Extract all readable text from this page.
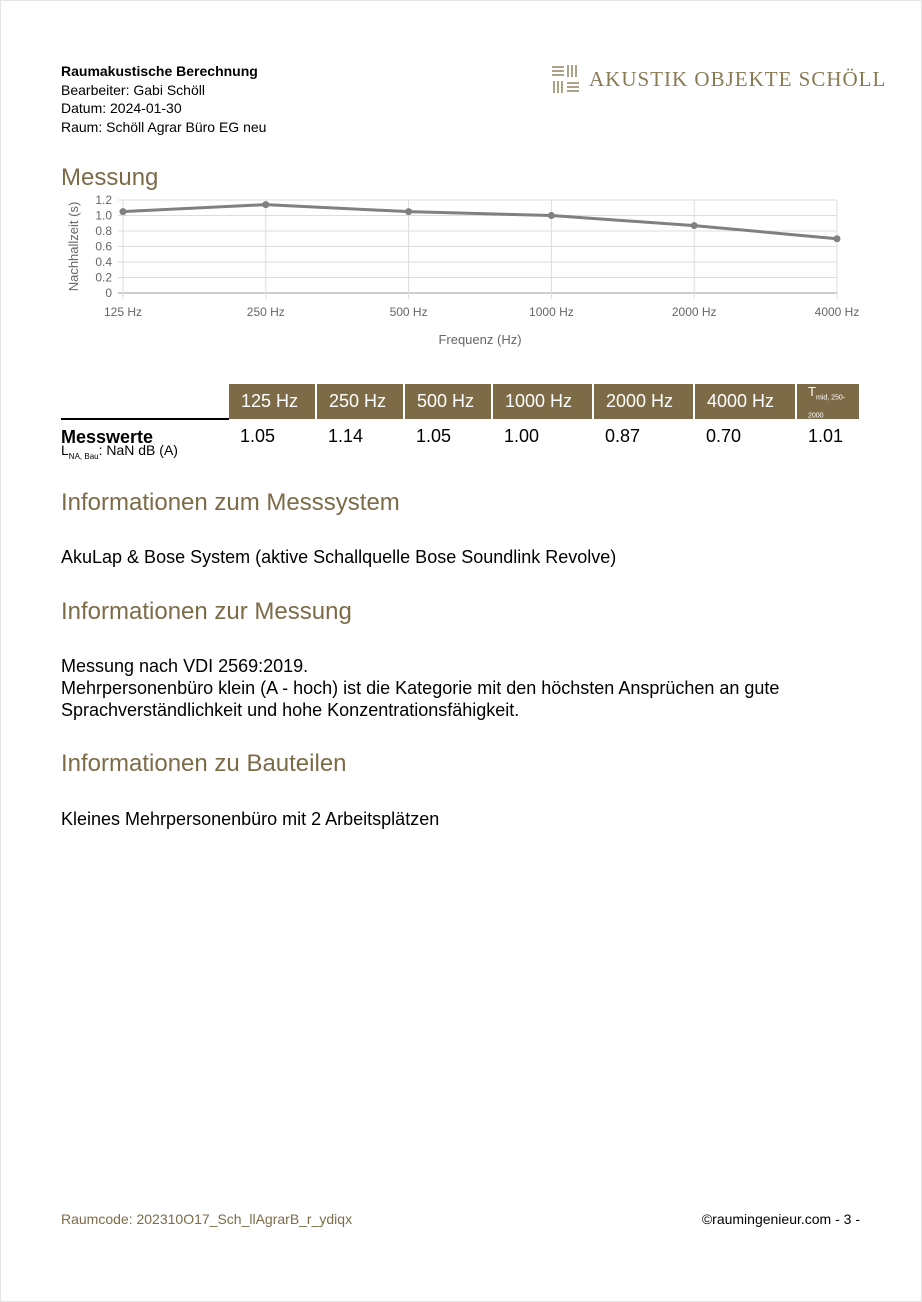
Raumakustische Berechnung
Bearbeiter: Gabi Schöll
Datum: 2024-01-30
Raum: Schöll Agrar Büro EG neu
AKUSTIK OBJEKTE SCHÖLL
Messung
0
0.2
0.4
0.6
0.8
1.0
1.2
125 Hz	250 Hz	500 Hz	1000 Hz	2000 Hz	4000 Hz
Frequenz (Hz)
Nachhallzeit (s)
	125 Hz	250 Hz	500 Hz	1000 Hz	2000 Hz	4000 Hz	$T_{mid, 250-2000}$
Messwerte	1.05	1.14	1.05	1.00	0.87	0.70	1.01
$L_{NA, Bau}$: NaN dB (A)
Informationen zum Messsystem
AkuLap & Bose System (aktive Schallquelle Bose Soundlink Revolve)
Informationen zur Messung
Messung nach VDI 2569:2019.
Mehrpersonenbüro klein (A - hoch) ist die Kategorie mit den höchsten Ansprüchen an gute Sprachverständlichkeit und hohe Konzentrationsfähigkeit.
Informationen zu Bauteilen
Kleines Mehrpersonenbüro mit 2 Arbeitsplätzen
Raumcode: 202310O17_Sch_llAgrarB_r_ydiqx	©raumingenieur.com - 3 -
